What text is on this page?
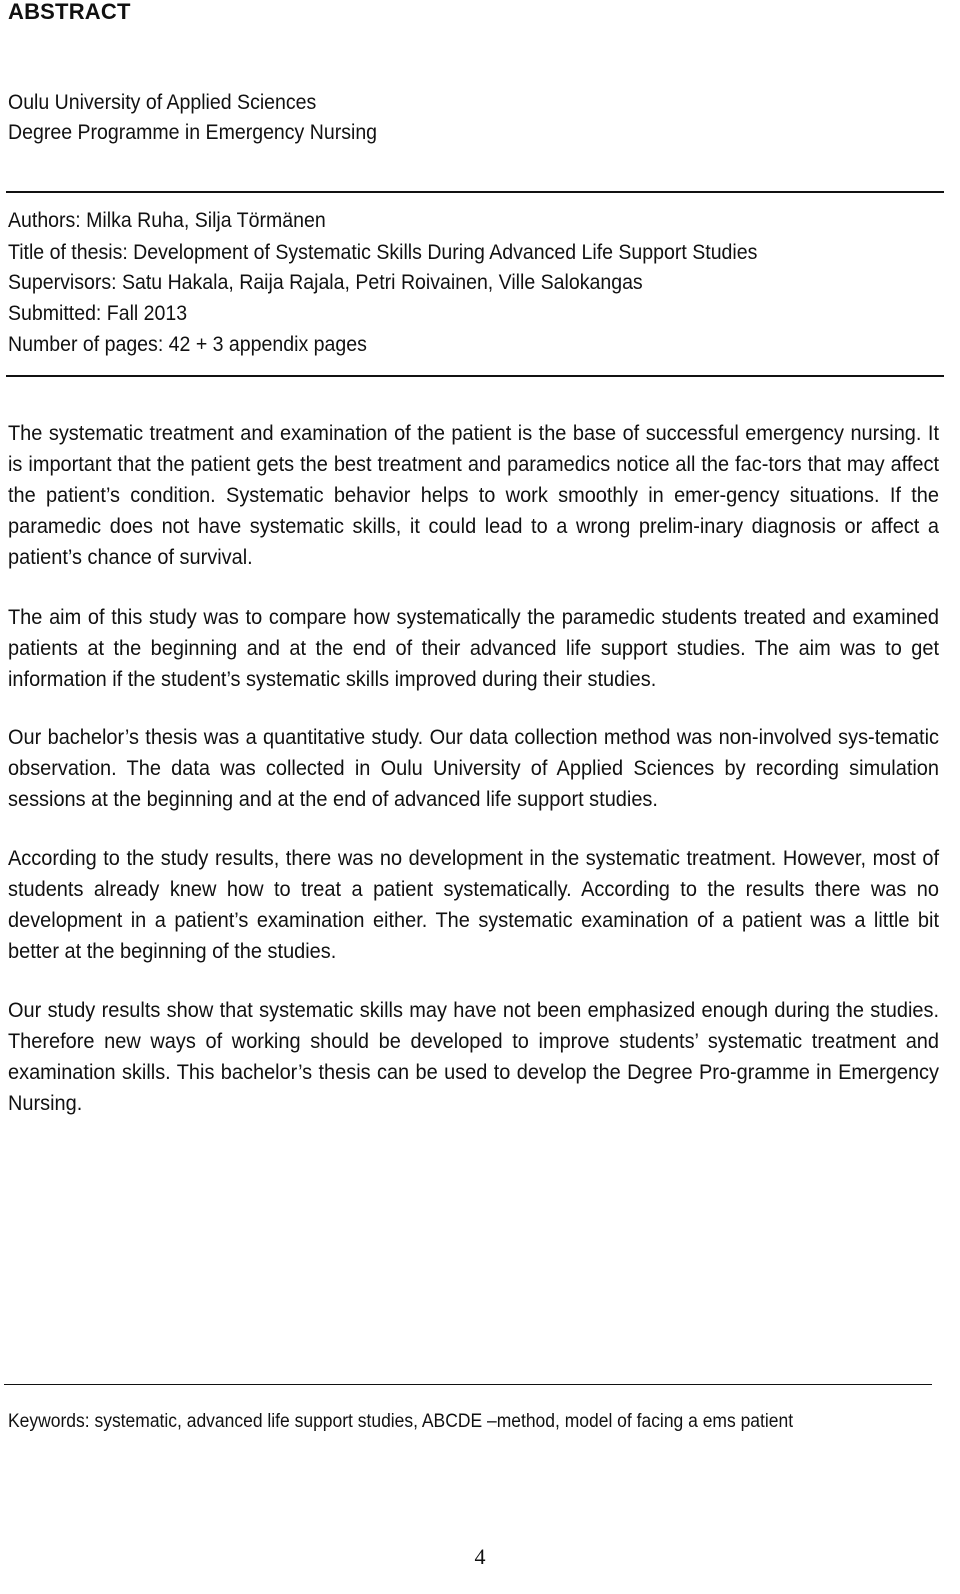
ABSTRACT
Oulu University of Applied Sciences
Degree Programme in Emergency Nursing
Authors: Milka Ruha, Silja Törmänen
Title of thesis: Development of Systematic Skills During Advanced Life Support Studies
Supervisors: Satu Hakala, Raija Rajala, Petri Roivainen, Ville Salokangas
Submitted: Fall 2013
Number of pages: 42 + 3 appendix pages

The systematic treatment and examination of the patient is the base of successful emergency nursing. It is important that the patient gets the best treatment and paramedics notice all the fac-tors that may affect the patient’s condition. Systematic behavior helps to work smoothly in emer-gency situations. If the paramedic does not have systematic skills, it could lead to a wrong prelim-inary diagnosis or affect a patient’s chance of survival.

The aim of this study was to compare how systematically the paramedic students treated and examined patients at the beginning and at the end of their advanced life support studies. The aim was to get information if the student’s systematic skills improved during their studies.

Our bachelor’s thesis was a quantitative study. Our data collection method was non-involved sys-tematic observation. The data was collected in Oulu University of Applied Sciences by recording simulation sessions at the beginning and at the end of advanced life support studies.

According to the study results, there was no development in the systematic treatment. However, most of students already knew how to treat a patient systematically. According to the results there was no development in a patient’s examination either. The systematic examination of a patient was a little bit better at the beginning of the studies.

Our study results show that systematic skills may have not been emphasized enough during the studies. Therefore new ways of working should be developed to improve students’ systematic treatment and examination skills. This bachelor’s thesis can be used to develop the Degree Pro-gramme in Emergency Nursing.

Keywords: systematic, advanced life support studies, ABCDE –method, model of facing a ems patient
4
